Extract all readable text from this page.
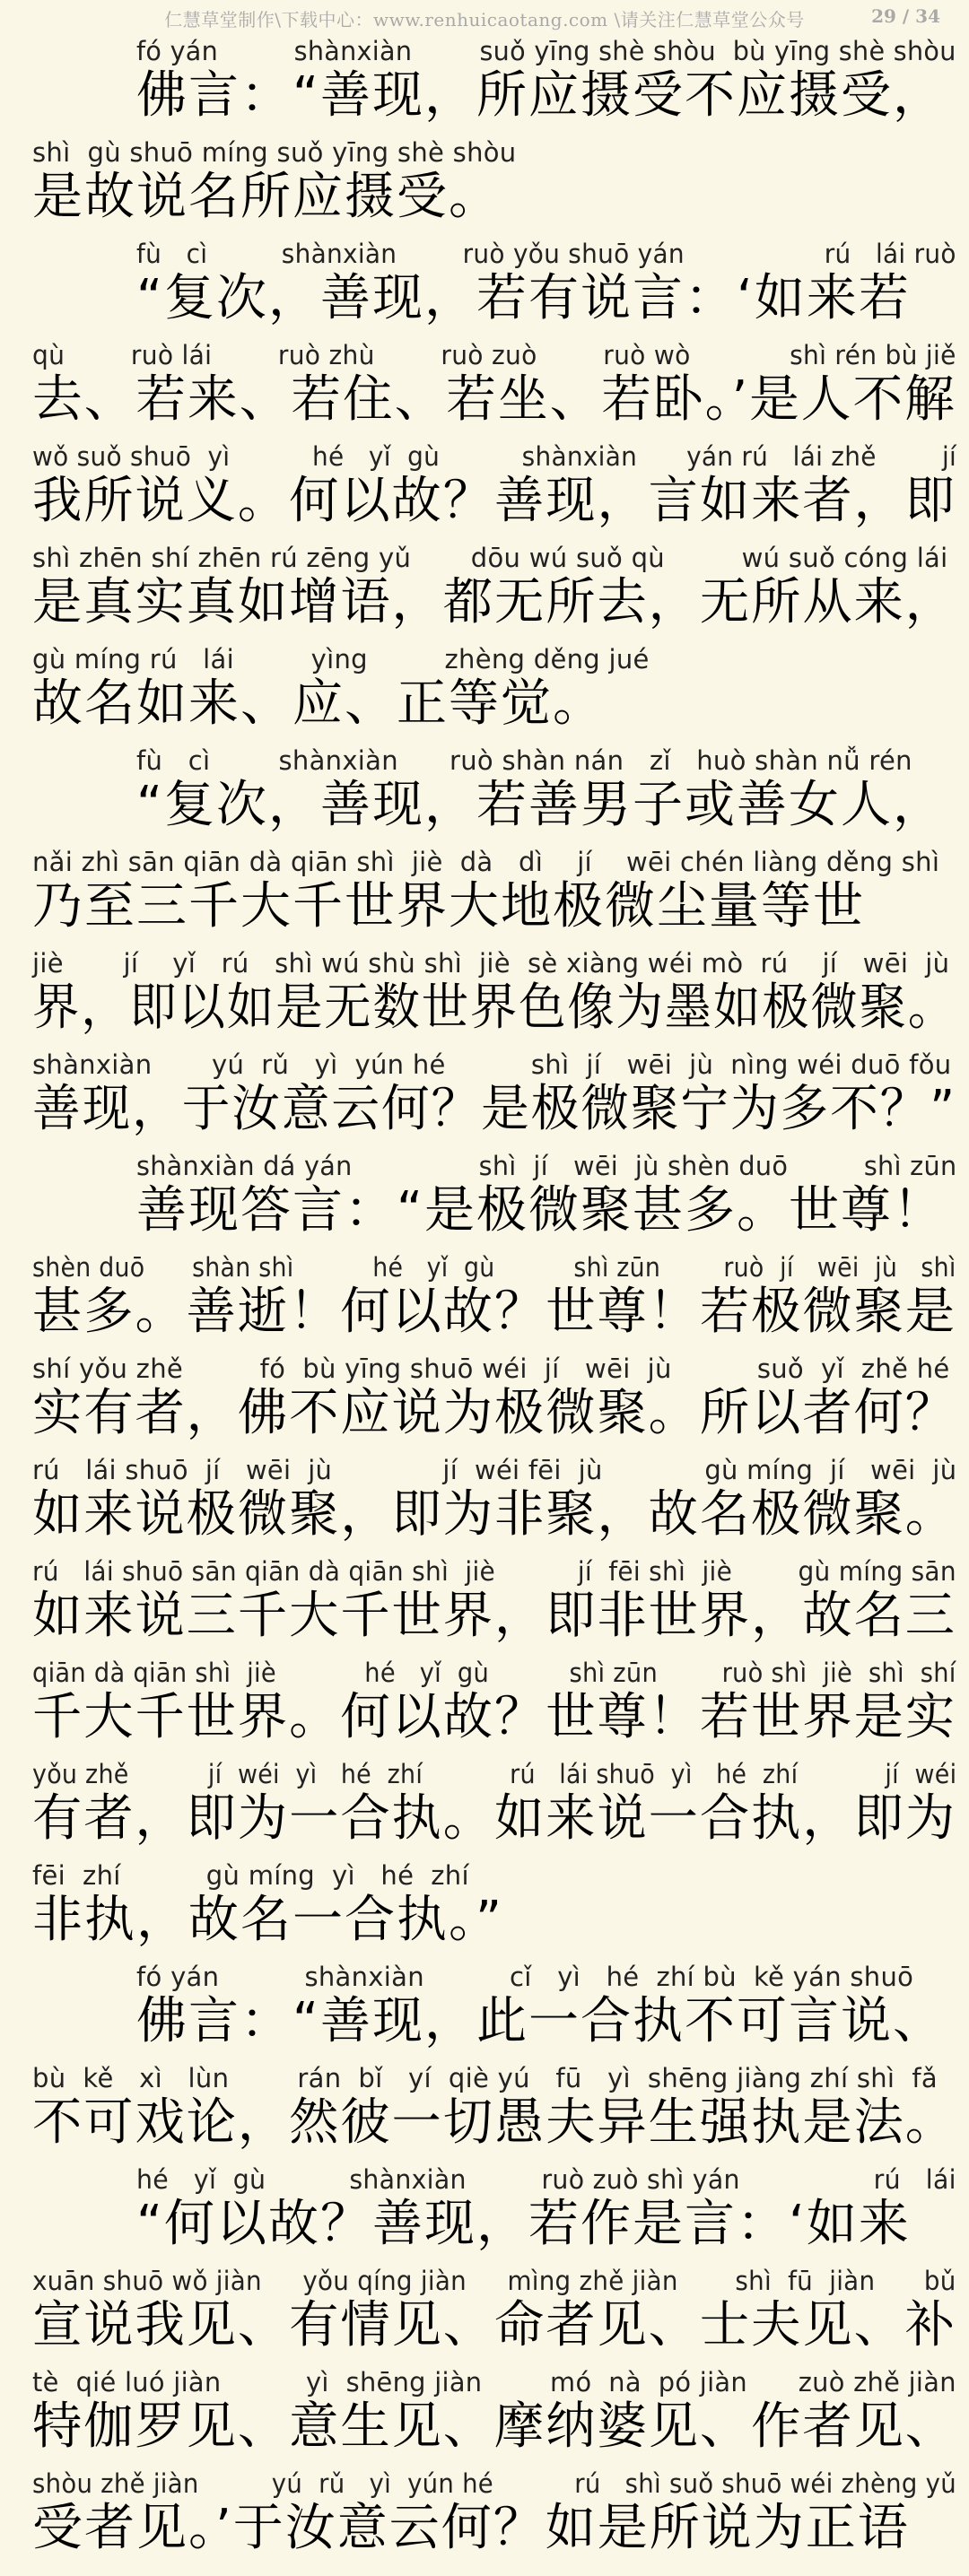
仁慧草堂制作\下载中心：www.renhuicaotang.com \请关注仁慧草堂公众号	29 / 34
fó yán         shànxiàn        suǒ yīng shè shòu  bù yīng shè shòu
佛言：“善现，所应摄受不应摄受，
shì  gù shuō míng suǒ yīng shè shòu
是故说名所应摄受。
fù   cì         shànxiàn        ruò yǒu shuō yán                 rú   lái ruò
“复次，善现，若有说言：‘如来若
qù        ruò lái        ruò zhù        ruò zuò        ruò wò            shì rén bù jiě
去、若来、若住、若坐、若卧。’是人不解
wǒ suǒ shuō  yì          hé   yǐ  gù          shànxiàn      yán rú   lái zhě        jí
我所说义。何以故？善现，言如来者，即
shì zhēn shí zhēn rú zēng yǔ       dōu wú suǒ qù         wú suǒ cóng lái
是真实真如增语，都无所去，无所从来，
gù míng rú   lái         yìng         zhèng děng jué
故名如来、应、正等觉。
fù   cì        shànxiàn      ruò shàn nán   zǐ   huò shàn nǚ rén
“复次，善现，若善男子或善女人，
nǎi zhì sān qiān dà qiān shì  jiè  dà   dì    jí    wēi chén liàng děng shì
乃至三千大千世界大地极微尘量等世
jiè       jí    yǐ   rú   shì wú shù shì  jiè  sè xiàng wéi mò  rú    jí   wēi  jù
界，即以如是无数世界色像为墨如极微聚。
shànxiàn       yú  rǔ   yì  yún hé          shì  jí   wēi  jù  nìng wéi duō fǒu
善现，于汝意云何？是极微聚宁为多不？”
shànxiàn dá yán               shì  jí   wēi  jù shèn duō         shì zūn
善现答言：“是极微聚甚多。世尊！
shèn duō      shàn shì          hé   yǐ  gù          shì zūn        ruò  jí   wēi  jù   shì
甚多。善逝！何以故？世尊！若极微聚是
shí yǒu zhě         fó  bù yīng shuō wéi  jí   wēi  jù          suǒ  yǐ  zhě hé
实有者，佛不应说为极微聚。所以者何？
rú   lái shuō  jí   wēi  jù             jí  wéi fēi  jù            gù míng  jí   wēi  jù
如来说极微聚，即为非聚，故名极微聚。
rú   lái shuō sān qiān dà qiān shì  jiè          jí  fēi shì  jiè        gù míng sān
如来说三千大千世界，即非世界，故名三
qiān dà qiān shì  jiè           hé   yǐ  gù          shì zūn        ruò shì  jiè  shì  shí
千大千世界。何以故？世尊！若世界是实
yǒu zhě          jí  wéi  yì   hé  zhí           rú   lái shuō  yì   hé  zhí           jí  wéi
有者，即为一合执。如来说一合执，即为
fēi  zhí          gù míng  yì   hé  zhí
非执，故名一合执。”
fó yán          shànxiàn          cǐ   yì   hé  zhí bù  kě yán shuō
佛言：“善现，此一合执不可言说、
bù  kě   xì   lùn        rán  bǐ   yí  qiè yú   fū   yì  shēng jiàng zhí shì  fǎ
不可戏论，然彼一切愚夫异生强执是法。
hé   yǐ  gù          shànxiàn         ruò zuò shì yán                rú   lái
“何以故？善现，若作是言：‘如来
xuān shuō wǒ jiàn     yǒu qíng jiàn     mìng zhě jiàn       shì  fū  jiàn      bǔ
宣说我见、有情见、命者见、士夫见、补
tè  qié luó jiàn          yì  shēng jiàn        mó  nà  pó jiàn      zuò zhě jiàn
特伽罗见、意生见、摩纳婆见、作者见、
shòu zhě jiàn         yú  rǔ   yì  yún hé          rú   shì suǒ shuō wéi zhèng yǔ
受者见。’于汝意云何？如是所说为正语
